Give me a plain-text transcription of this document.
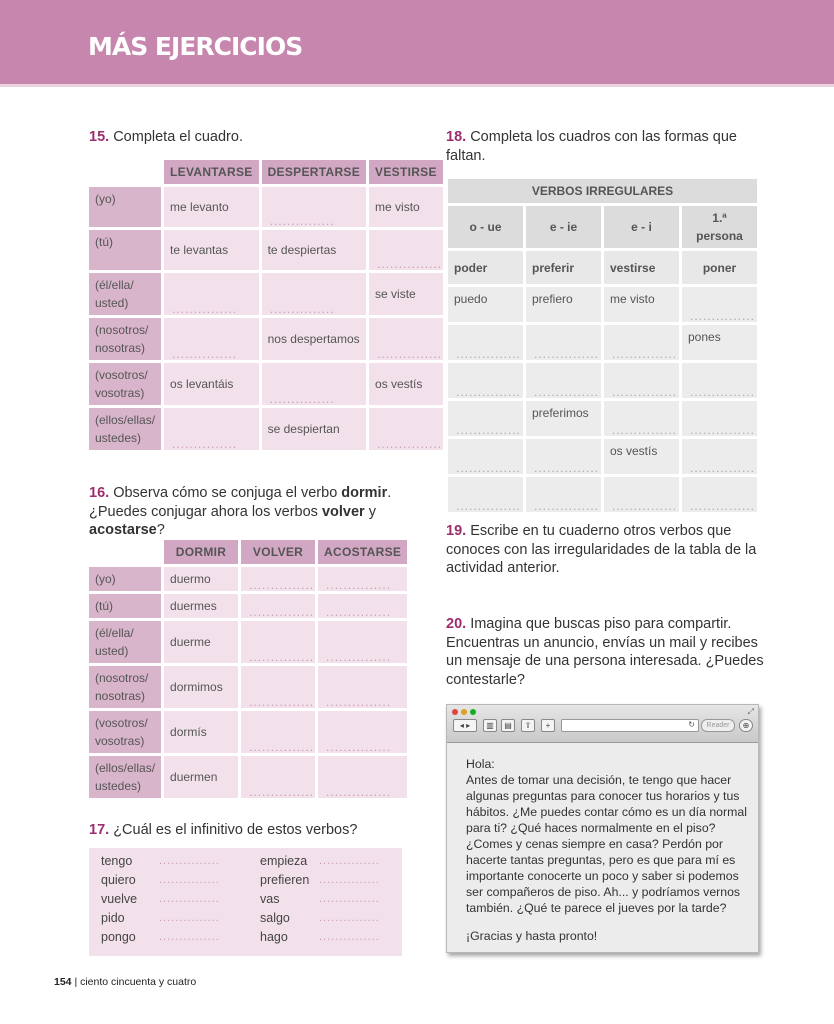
MÁS EJERCICIOS
15. Completa el cuadro.
	LEVANTARSE	DESPERTARSE	VESTIRSE
(yo)	me levanto	...............	me visto
(tú)	te levantas	te despiertas	...............

(él/ella/ usted)	...............	...............	se viste
(nosotros/ nosotras)	...............	nos despertamos	...............

(vosotros/ vosotras)	os levantáis	...............	os vestís
(ellos/ellas/ ustedes)	...............	se despiertan	...............
16. Observa cómo se conjuga el verbo dormir. ¿Puedes conjugar ahora los verbos volver y acostarse?
	DORMIR	VOLVER	ACOSTARSE
(yo)	duermo	...............	...............

(tú)	duermes	...............	...............

(él/ella/ usted)	duerme	...............	...............

(nosotros/ nosotras)	dormimos	...............	...............

(vosotros/ vosotras)	dormís	...............	...............

(ellos/ellas/ ustedes)	duermen	...............	...............
17. ¿Cuál es el infinitivo de estos verbos?
tengo ...............
quiero ...............
vuelve ...............
pido	...............
pongo ...............
empieza ...............
prefieren ...............
vas	...............
salgo	...............
hago	...............
18. Completa los cuadros con las formas que faltan.
VERBOS IRREGULARES			
o - ue	e - ie	e - i	1.ª persona
poder	preferir	vestirse	poner
puedo	prefiero	me visto	...............

...............	...............	...............	pones

...............	...............	...............	...............

...............	preferimos	...............	...............

...............	...............	os vestís	...............

...............	...............	...............	...............
19. Escribe en tu cuaderno otros verbos que conoces con las irregularidades de la tabla de la actividad anterior.
20. Imagina que buscas piso para compartir. Encuentras un anuncio, envías un mail y recibes un mensaje de una persona interesada. ¿Puedes contestarle?
⤢
◂ ▸	▥	▤	⇪	+	↻	Reader	⊕
Hola:
Antes de tomar una decisión, te tengo que hacer algunas preguntas para conocer tus horarios y tus hábitos. ¿Me puedes contar cómo es un día normal para ti? ¿Qué haces normalmente en el piso? ¿Comes y cenas siempre en casa? Perdón por hacerte tantas preguntas, pero es que para mí es importante conocerte un poco y saber si podemos ser compañeros de piso. Ah... y podríamos vernos también. ¿Qué te parece el jueves por la tarde?
¡Gracias y hasta pronto!
154 | ciento cincuenta y cuatro
